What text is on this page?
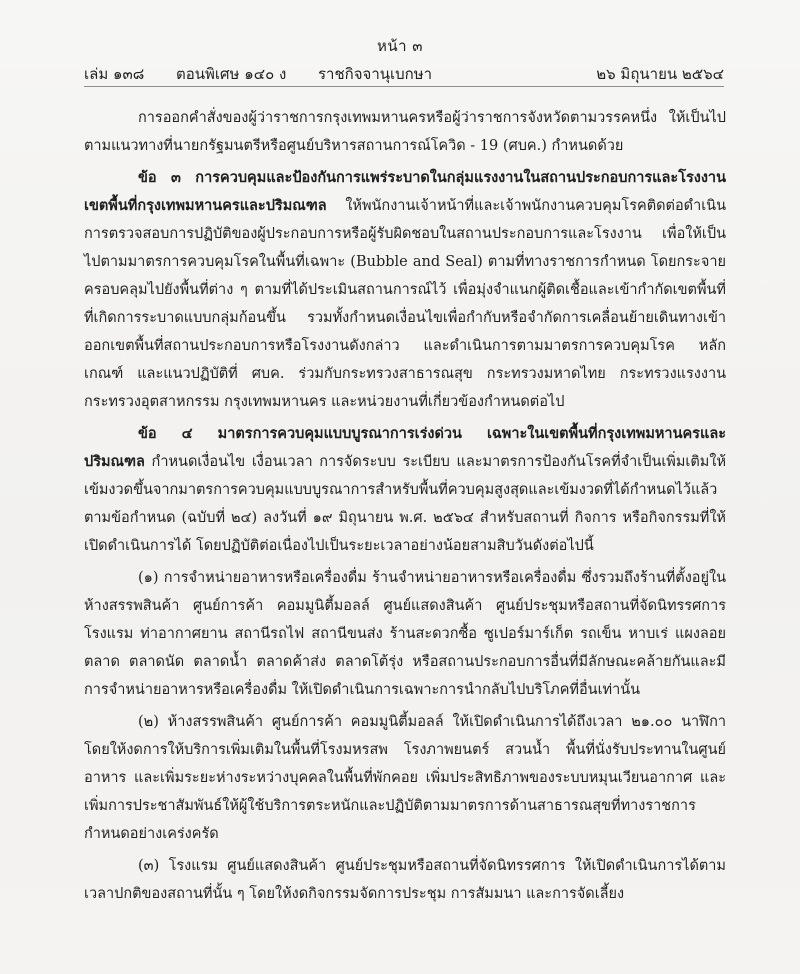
หน้า ๓
เล่ม ๑๓๘ ตอนพิเศษ ๑๔๐ ง ราชกิจจานุเบกษา	๒๖ มิถุนายน ๒๕๖๔

การออกคำสั่งของผู้ว่าราชการกรุงเทพมหานครหรือผู้ว่าราชการจังหวัดตามวรรคหนึ่ง ให้เป็นไปตามแนวทางที่นายกรัฐมนตรีหรือศูนย์บริหารสถานการณ์โควิด - 19 (ศบค.) กำหนดด้วย

ข้อ ๓ การควบคุมและป้องกันการแพร่ระบาดในกลุ่มแรงงานในสถานประกอบการและโรงงานเขตพื้นที่กรุงเทพมหานครและปริมณฑล ให้พนักงานเจ้าหน้าที่และเจ้าพนักงานควบคุมโรคติดต่อดำเนินการตรวจสอบการปฏิบัติของผู้ประกอบการหรือผู้รับผิดชอบในสถานประกอบการและโรงงาน เพื่อให้เป็นไปตามมาตรการควบคุมโรคในพื้นที่เฉพาะ (Bubble and Seal) ตามที่ทางราชการกำหนด โดยกระจายครอบคลุมไปยังพื้นที่ต่าง ๆ ตามที่ได้ประเมินสถานการณ์ไว้ เพื่อมุ่งจำแนกผู้ติดเชื้อและเข้ากำกัดเขตพื้นที่ที่เกิดการระบาดแบบกลุ่มก้อนขึ้น รวมทั้งกำหนดเงื่อนไขเพื่อกำกับหรือจำกัดการเคลื่อนย้ายเดินทางเข้าออกเขตพื้นที่สถานประกอบการหรือโรงงานดังกล่าว และดำเนินการตามมาตรการควบคุมโรค หลักเกณฑ์ และแนวปฏิบัติที่ ศบค. ร่วมกับกระทรวงสาธารณสุข กระทรวงมหาดไทย กระทรวงแรงงาน กระทรวงอุตสาหกรรม กรุงเทพมหานคร และหน่วยงานที่เกี่ยวข้องกำหนดต่อไป

ข้อ ๔ มาตรการควบคุมแบบบูรณาการเร่งด่วน เฉพาะในเขตพื้นที่กรุงเทพมหานครและปริมณฑล กำหนดเงื่อนไข เงื่อนเวลา การจัดระบบ ระเบียบ และมาตรการป้องกันโรคที่จำเป็นเพิ่มเติมให้เข้มงวดขึ้นจากมาตรการควบคุมแบบบูรณาการสำหรับพื้นที่ควบคุมสูงสุดและเข้มงวดที่ได้กำหนดไว้แล้วตามข้อกำหนด (ฉบับที่ ๒๔) ลงวันที่ ๑๙ มิถุนายน พ.ศ. ๒๕๖๔ สำหรับสถานที่ กิจการ หรือกิจกรรมที่ให้เปิดดำเนินการได้ โดยปฏิบัติต่อเนื่องไปเป็นระยะเวลาอย่างน้อยสามสิบวันดังต่อไปนี้

(๑) การจำหน่ายอาหารหรือเครื่องดื่ม ร้านจำหน่ายอาหารหรือเครื่องดื่ม ซึ่งรวมถึงร้านที่ตั้งอยู่ในห้างสรรพสินค้า ศูนย์การค้า คอมมูนิตี้มอลล์ ศูนย์แสดงสินค้า ศูนย์ประชุมหรือสถานที่จัดนิทรรศการ โรงแรม ท่าอากาศยาน สถานีรถไฟ สถานีขนส่ง ร้านสะดวกซื้อ ซูเปอร์มาร์เก็ต รถเข็น หาบเร่ แผงลอย ตลาด ตลาดนัด ตลาดน้ำ ตลาดค้าส่ง ตลาดโต้รุ่ง หรือสถานประกอบการอื่นที่มีลักษณะคล้ายกันและมีการจำหน่ายอาหารหรือเครื่องดื่ม ให้เปิดดำเนินการเฉพาะการนำกลับไปบริโภคที่อื่นเท่านั้น

(๒) ห้างสรรพสินค้า ศูนย์การค้า คอมมูนิตี้มอลล์ ให้เปิดดำเนินการได้ถึงเวลา ๒๑.๐๐ นาฬิกา โดยให้งดการให้บริการเพิ่มเติมในพื้นที่โรงมหรสพ โรงภาพยนตร์ สวนน้ำ พื้นที่นั่งรับประทานในศูนย์อาหาร และเพิ่มระยะห่างระหว่างบุคคลในพื้นที่พักคอย เพิ่มประสิทธิภาพของระบบหมุนเวียนอากาศ และเพิ่มการประชาสัมพันธ์ให้ผู้ใช้บริการตระหนักและปฏิบัติตามมาตรการด้านสาธารณสุขที่ทางราชการกำหนดอย่างเคร่งครัด

(๓) โรงแรม ศูนย์แสดงสินค้า ศูนย์ประชุมหรือสถานที่จัดนิทรรศการ ให้เปิดดำเนินการได้ตามเวลาปกติของสถานที่นั้น ๆ โดยให้งดกิจกรรมจัดการประชุม การสัมมนา และการจัดเลี้ยง
